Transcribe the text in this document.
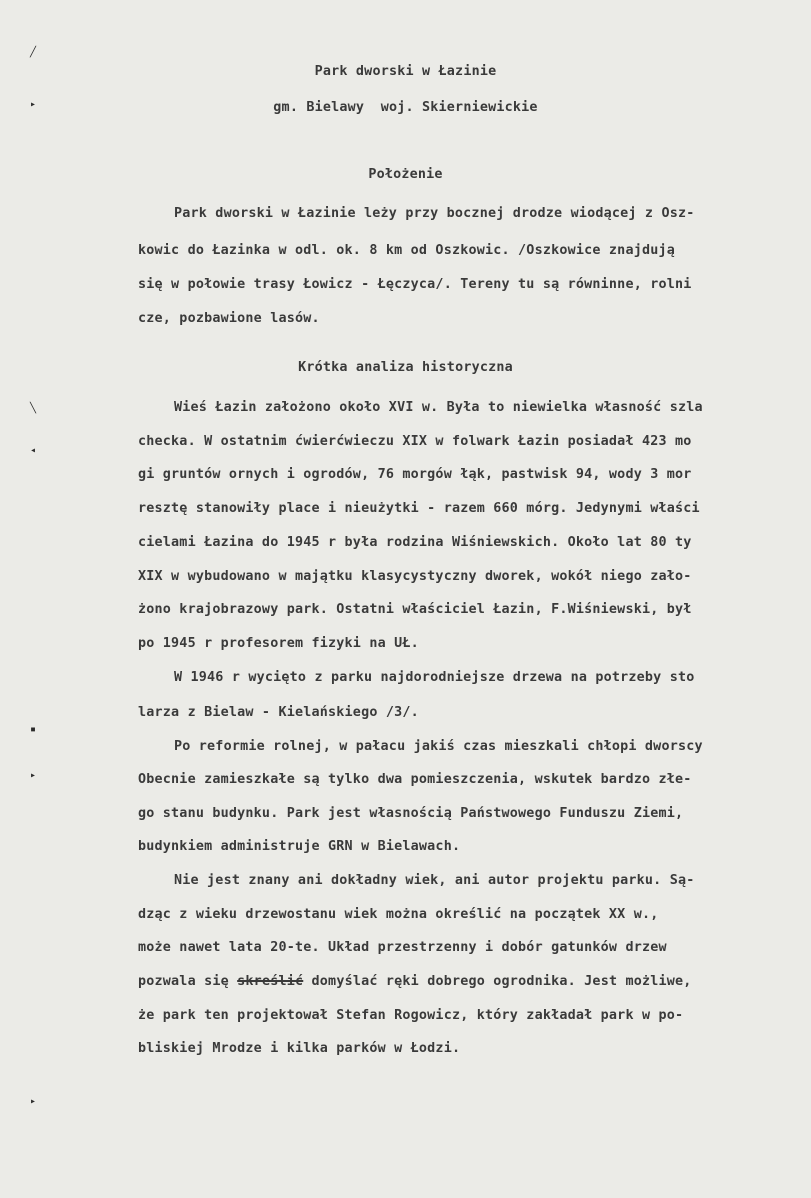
╱
▸
╲
◂
▪
▸
▸
Park dworski w Łazinie
gm. Bielawy  woj. Skierniewickie
Położenie
Park dworski w Łazinie leży przy bocznej drodze wiodącej z Osz-
kowic do Łazinka w odl. ok. 8 km od Oszkowic. /Oszkowice znajdują
się w połowie trasy Łowicz - Łęczyca/. Tereny tu są równinne, rolni
cze, pozbawione lasów.
Krótka analiza historyczna
Wieś Łazin założono około XVI w. Była to niewielka własność szla
checka. W ostatnim ćwierćwieczu XIX w folwark Łazin posiadał 423 mo
gi gruntów ornych i ogrodów, 76 morgów łąk, pastwisk 94, wody 3 mor
resztę stanowiły place i nieużytki - razem 660 mórg. Jedynymi właści
cielami Łazina do 1945 r była rodzina Wiśniewskich. Około lat 80 ty
XIX w wybudowano w majątku klasycystyczny dworek, wokół niego zało-
żono krajobrazowy park. Ostatni właściciel Łazin, F.Wiśniewski, był
po 1945 r profesorem fizyki na UŁ.
W 1946 r wycięto z parku najdorodniejsze drzewa na potrzeby sto
larza z Bielaw - Kielańskiego /3/.
Po reformie rolnej, w pałacu jakiś czas mieszkali chłopi dworscy
Obecnie zamieszkałe są tylko dwa pomieszczenia, wskutek bardzo złe-
go stanu budynku. Park jest własnością Państwowego Funduszu Ziemi,
budynkiem administruje GRN w Bielawach.
Nie jest znany ani dokładny wiek, ani autor projektu parku. Są-
dząc z wieku drzewostanu wiek można określić na początek XX w.,
może nawet lata 20-te. Układ przestrzenny i dobór gatunków drzew
pozwala się skreślić domyślać ręki dobrego ogrodnika. Jest możliwe,
że park ten projektował Stefan Rogowicz, który zakładał park w po-
bliskiej Mrodze i kilka parków w Łodzi.
